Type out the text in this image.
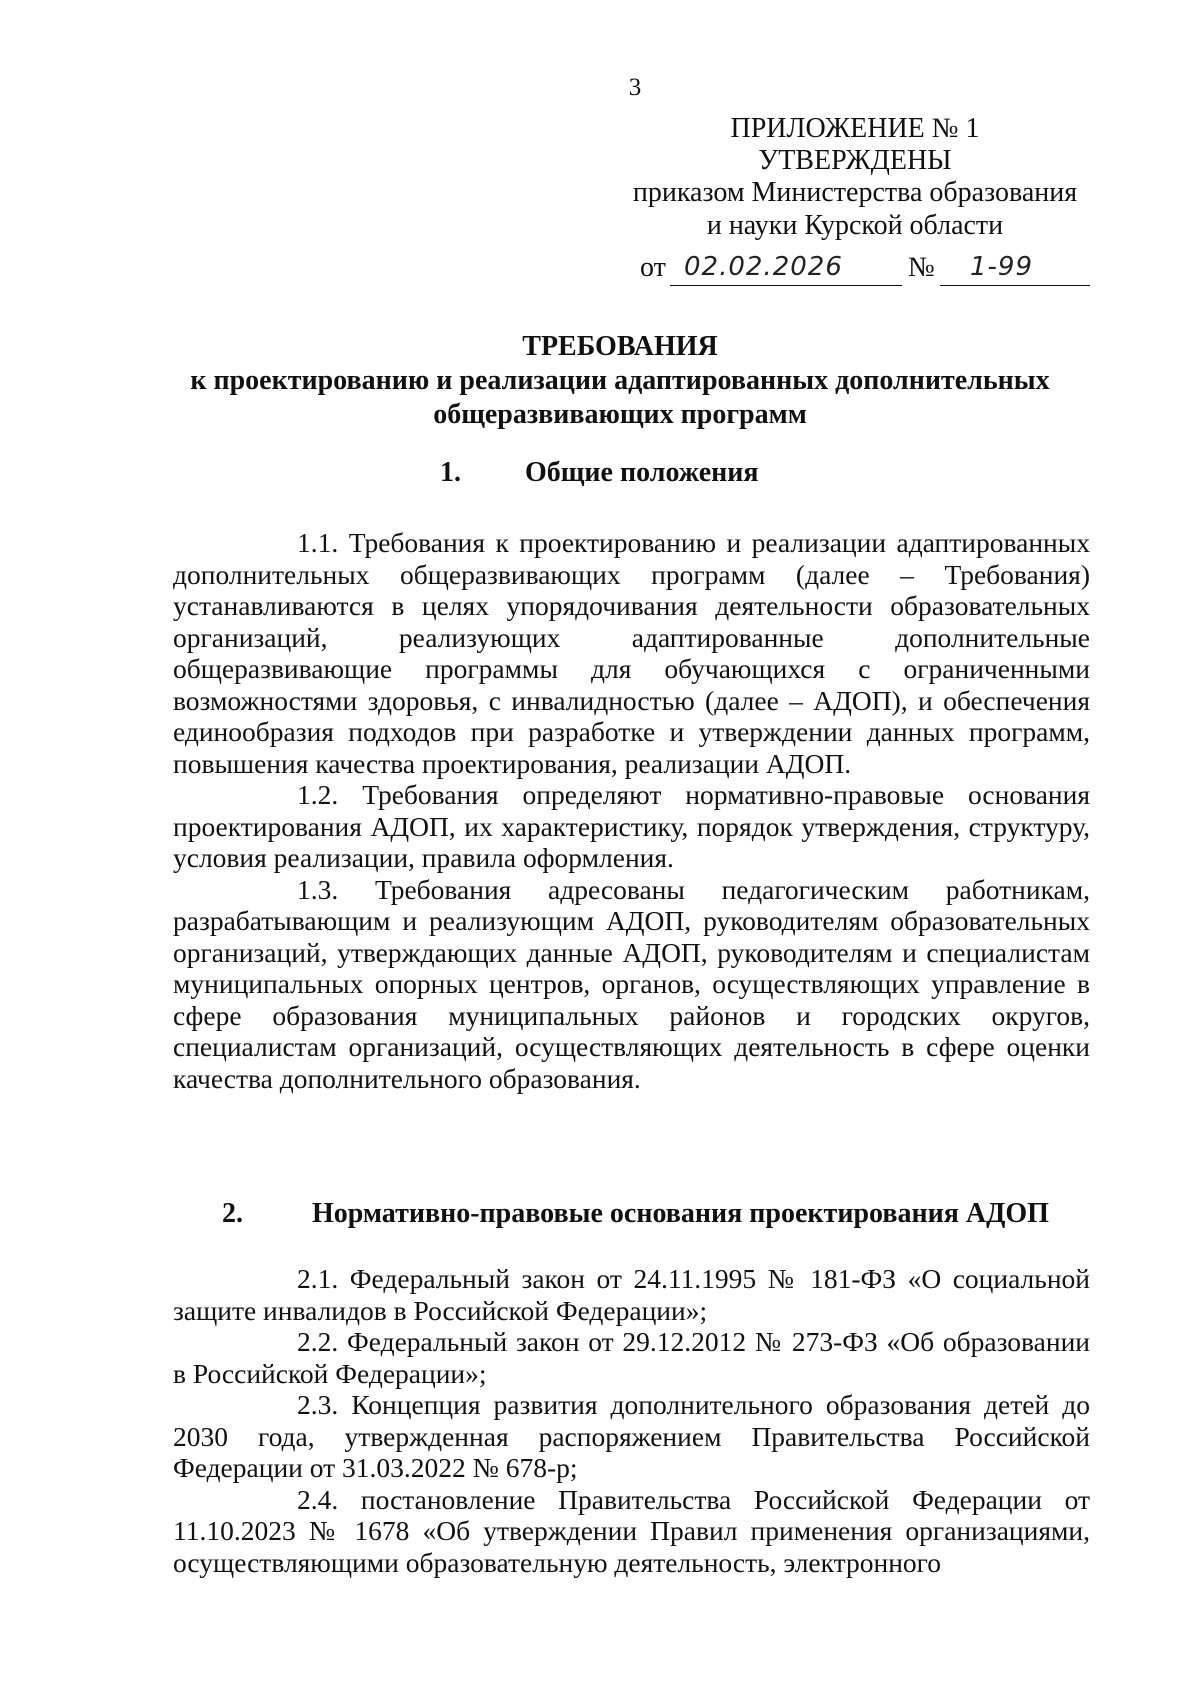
3
ПРИЛОЖЕНИЕ № 1
УТВЕРЖДЕНЫ
приказом Министерства образования
и науки Курской области
от 02.02.2026 № 1-99
ТРЕБОВАНИЯ
к проектированию и реализации адаптированных дополнительных
общеразвивающих программ
1. Общие положения

1.1. Требования к проектированию и реализации адаптированных дополнительных общеразвивающих программ (далее – Требования) устанавливаются в целях упорядочивания деятельности образовательных организаций, реализующих адаптированные дополнительные общеразвивающие программы для обучающихся с ограниченными возможностями здоровья, с инвалидностью (далее – АДОП), и обеспечения единообразия подходов при разработке и утверждении данных программ, повышения качества проектирования, реализации АДОП.

1.2. Требования определяют нормативно-правовые основания проектирования АДОП, их характеристику, порядок утверждения, структуру, условия реализации, правила оформления.

1.3. Требования адресованы педагогическим работникам, разрабатывающим и реализующим АДОП, руководителям образовательных организаций, утверждающих данные АДОП, руководителям и специалистам муниципальных опорных центров, органов, осуществляющих управление в сфере образования муниципальных районов и городских округов, специалистам организаций, осуществляющих деятельность в сфере оценки качества дополнительного образования.

2. Нормативно-правовые основания проектирования АДОП

2.1. Федеральный закон от 24.11.1995 № 181-ФЗ «О социальной защите инвалидов в Российской Федерации»;

2.2. Федеральный закон от 29.12.2012 № 273-ФЗ «Об образовании в Российской Федерации»;

2.3. Концепция развития дополнительного образования детей до 2030 года, утвержденная распоряжением Правительства Российской Федерации от 31.03.2022 № 678-р;

2.4. постановление Правительства Российской Федерации от 11.10.2023 № 1678 «Об утверждении Правил применения организациями, осуществляющими образовательную деятельность, электронного
